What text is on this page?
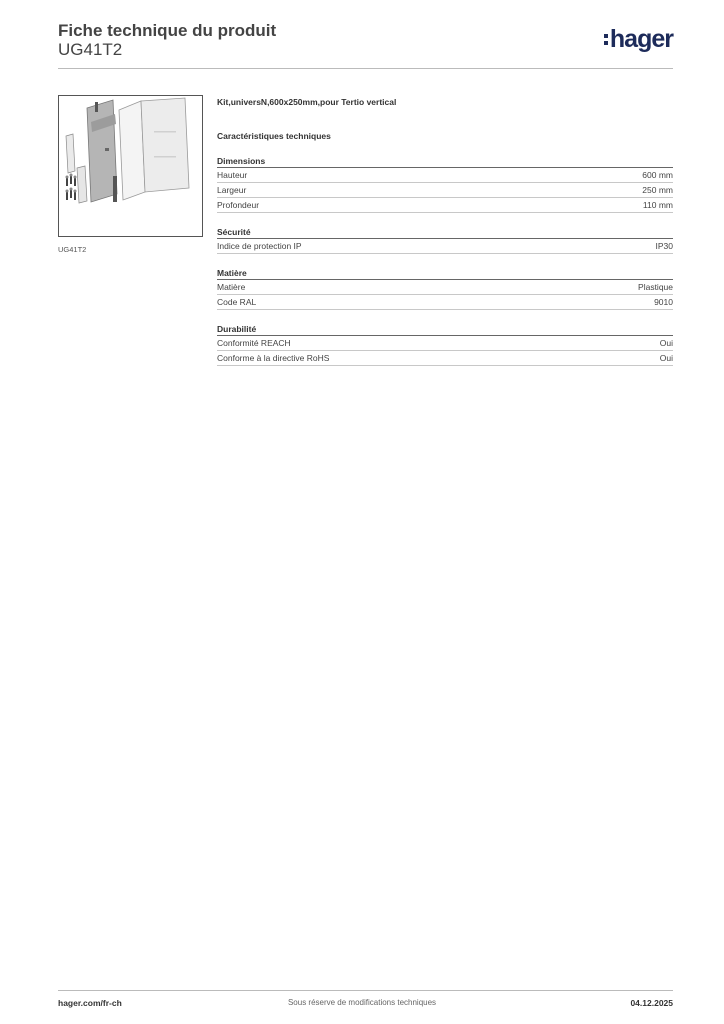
Fiche technique du produit
UG41T2	hager
UG41T2
Kit,universN,600x250mm,pour Tertio vertical
Caractéristiques techniques
Dimensions
Hauteur	600 mm
Largeur	250 mm
Profondeur	110 mm
Sécurité
Indice de protection IP	IP30
Matière
Matière	Plastique
Code RAL	9010
Durabilité
Conformité REACH	Oui
Conforme à la directive RoHS	Oui
hager.com/fr-ch	Sous réserve de modifications techniques	04.12.2025
